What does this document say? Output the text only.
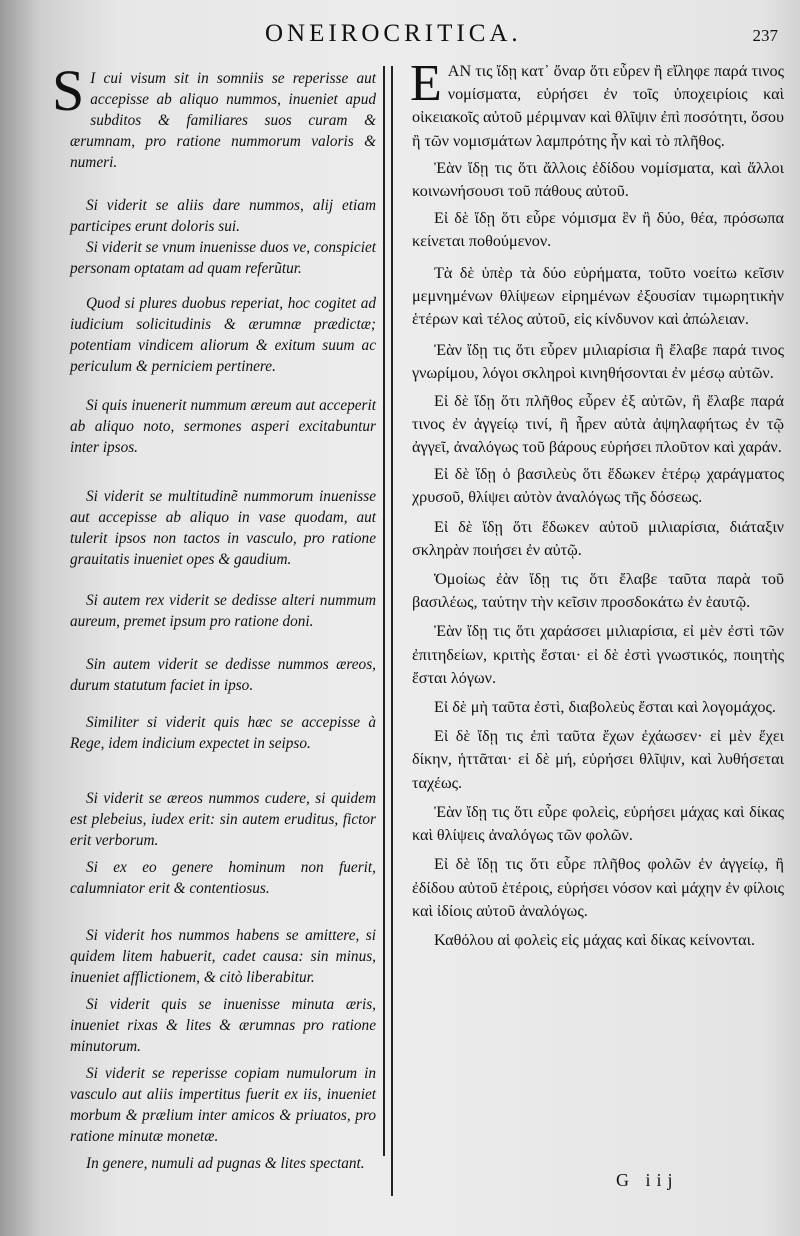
ONEIROCRITICA.	237

S I cui visum sit in somniis se reperisse aut accepisse ab aliquo nummos, inueniet apud subditos & familiares suos curam & ærumnam, pro ratione nummorum valoris & numeri.

Si viderit se aliis dare nummos, alij etiam participes erunt doloris sui.

Si viderit se vnum inuenisse duos ve, conspiciet personam optatam ad quam referũtur.

Quod si plures duobus reperiat, hoc cogitet ad iudicium solicitudinis & ærumnæ prædictæ; potentiam vindicem aliorum & exitum suum ac periculum & perniciem pertinere.

Si quis inuenerit nummum æreum aut acceperit ab aliquo noto, sermones asperi excitabuntur inter ipsos.

Si viderit se multitudinẽ nummorum inuenisse aut accepisse ab aliquo in vase quodam, aut tulerit ipsos non tactos in vasculo, pro ratione grauitatis inueniet opes & gaudium.

Si autem rex viderit se dedisse alteri nummum aureum, premet ipsum pro ratione doni.

Sin autem viderit se dedisse nummos æreos, durum statutum faciet in ipso.

Similiter si viderit quis hæc se accepisse à Rege, idem indicium expectet in seipso.

Si viderit se æreos nummos cudere, si quidem est plebeius, iudex erit: sin autem eruditus, fictor erit verborum.

Si ex eo genere hominum non fuerit, calumniator erit & contentiosus.

Si viderit hos nummos habens se amittere, si quidem litem habuerit, cadet causa: sin minus, inueniet afflictionem, & citò liberabitur.

Si viderit quis se inuenisse minuta æris, inueniet rixas & lites & ærumnas pro ratione minutorum.

Si viderit se reperisse copiam numulorum in vasculo aut aliis impertitus fuerit ex iis, inueniet morbum & prælium inter amicos & priuatos, pro ratione minutæ monetæ.

In genere, numuli ad pugnas & lites spectant.

ΕΑΝ τις ἴδῃ κατ᾽ ὄναρ ὅτι εὗρεν ἢ εἴληφε παρά τινος νομίσματα, εὑρήσει ἐν τοῖς ὑποχειρίοις καὶ οἰκειακοῖς αὐτοῦ μέριμναν καὶ θλῖψιν ἐπὶ ποσότητι, ὅσου ἢ τῶν νομισμάτων λαμπρότης ἦν καὶ τὸ πλῆθος.

Ἐὰν ἴδῃ τις ὅτι ἄλλοις ἐδίδου νομίσματα, καὶ ἄλλοι κοινωνήσουσι τοῦ πάθους αὐτοῦ.

Εἰ δὲ ἴδῃ ὅτι εὗρε νόμισμα ἓν ἢ δύο, θέα, πρόσωπα κείνεται ποθούμενον.

Τὰ δὲ ὑπὲρ τὰ δύο εὑρήματα, τοῦτο νοείτω κεῖσιν μεμνημένων θλίψεων εἰρημένων ἐξουσίαν τιμωρητικὴν ἑτέρων καὶ τέλος αὐτοῦ, εἰς κίνδυνον καὶ ἀπώλειαν.

Ἐὰν ἴδῃ τις ὅτι εὗρεν μιλιαρίσια ἢ ἔλαβε παρά τινος γνωρίμου, λόγοι σκληροὶ κινηθήσονται ἐν μέσῳ αὐτῶν.

Εἰ δὲ ἴδῃ ὅτι πλῆθος εὗρεν ἐξ αὐτῶν, ἢ ἔλαβε παρά τινος ἐν ἀγγείῳ τινί, ἢ ἦρεν αὐτὰ ἀψηλαφήτως ἐν τῷ ἀγγεῖ, ἀναλόγως τοῦ βάρους εὑρήσει πλοῦτον καὶ χαράν.

Εἰ δὲ ἴδῃ ὁ βασιλεὺς ὅτι ἔδωκεν ἑτέρῳ χαράγματος χρυσοῦ, θλίψει αὐτὸν ἀναλόγως τῆς δόσεως.

Εἰ δὲ ἴδῃ ὅτι ἔδωκεν αὐτοῦ μιλιαρίσια, διάταξιν σκληρὰν ποιήσει ἐν αὐτῷ.

Ὁμοίως ἐὰν ἴδῃ τις ὅτι ἔλαβε ταῦτα παρὰ τοῦ βασιλέως, ταύτην τὴν κεῖσιν προσδοκάτω ἐν ἑαυτῷ.

Ἐὰν ἴδῃ τις ὅτι χαράσσει μιλιαρίσια, εἰ μὲν ἐστὶ τῶν ἐπιτηδείων, κριτὴς ἔσται· εἰ δὲ ἐστὶ γνωστικός, ποιητὴς ἔσται λόγων.

Εἰ δὲ μὴ ταῦτα ἐστὶ, διαβολεὺς ἔσται καὶ λογομάχος.

Εἰ δὲ ἴδῃ τις ἐπὶ ταῦτα ἔχων ἐχάωσεν· εἰ μὲν ἔχει δίκην, ἡττᾶται· εἰ δὲ μή, εὑρήσει θλῖψιν, καὶ λυθήσεται ταχέως.

Ἐὰν ἴδῃ τις ὅτι εὗρε φολεὶς, εὑρήσει μάχας καὶ δίκας καὶ θλίψεις ἀναλόγως τῶν φολῶν.

Εἰ δὲ ἴδῃ τις ὅτι εὗρε πλῆθος φολῶν ἐν ἀγγείῳ, ἢ ἐδίδου αὐτοῦ ἑτέροις, εὑρήσει νόσον καὶ μάχην ἐν φίλοις καὶ ἰδίοις αὐτοῦ ἀναλόγως.

Καθόλου αἱ φολεὶς εἰς μάχας καὶ δίκας κείνονται.

G iij
